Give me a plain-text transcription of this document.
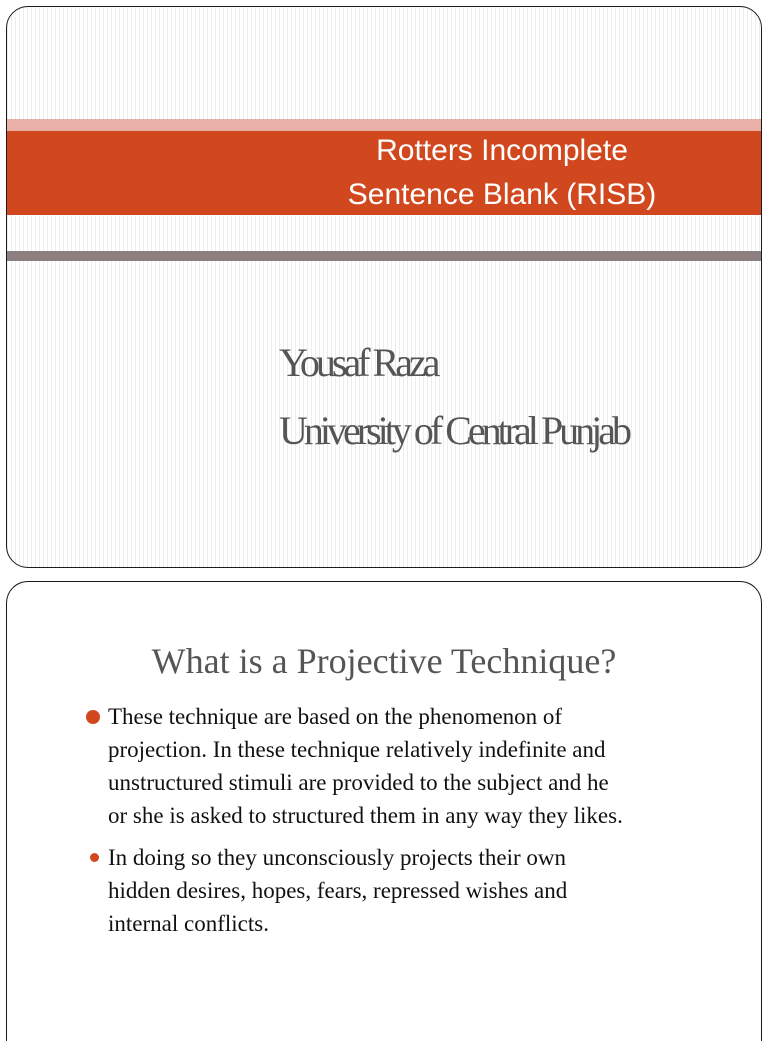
Rotters Incomplete
Sentence Blank (RISB)
Yousaf Raza
University of Central Punjab
What is a Projective Technique?
These technique are based on the phenomenon of
projection. In these technique relatively indefinite and
unstructured stimuli are provided to the subject and he
or she is asked to structured them in any way they likes.
In doing so they unconsciously projects their own
hidden desires, hopes, fears, repressed wishes and
internal conflicts.
